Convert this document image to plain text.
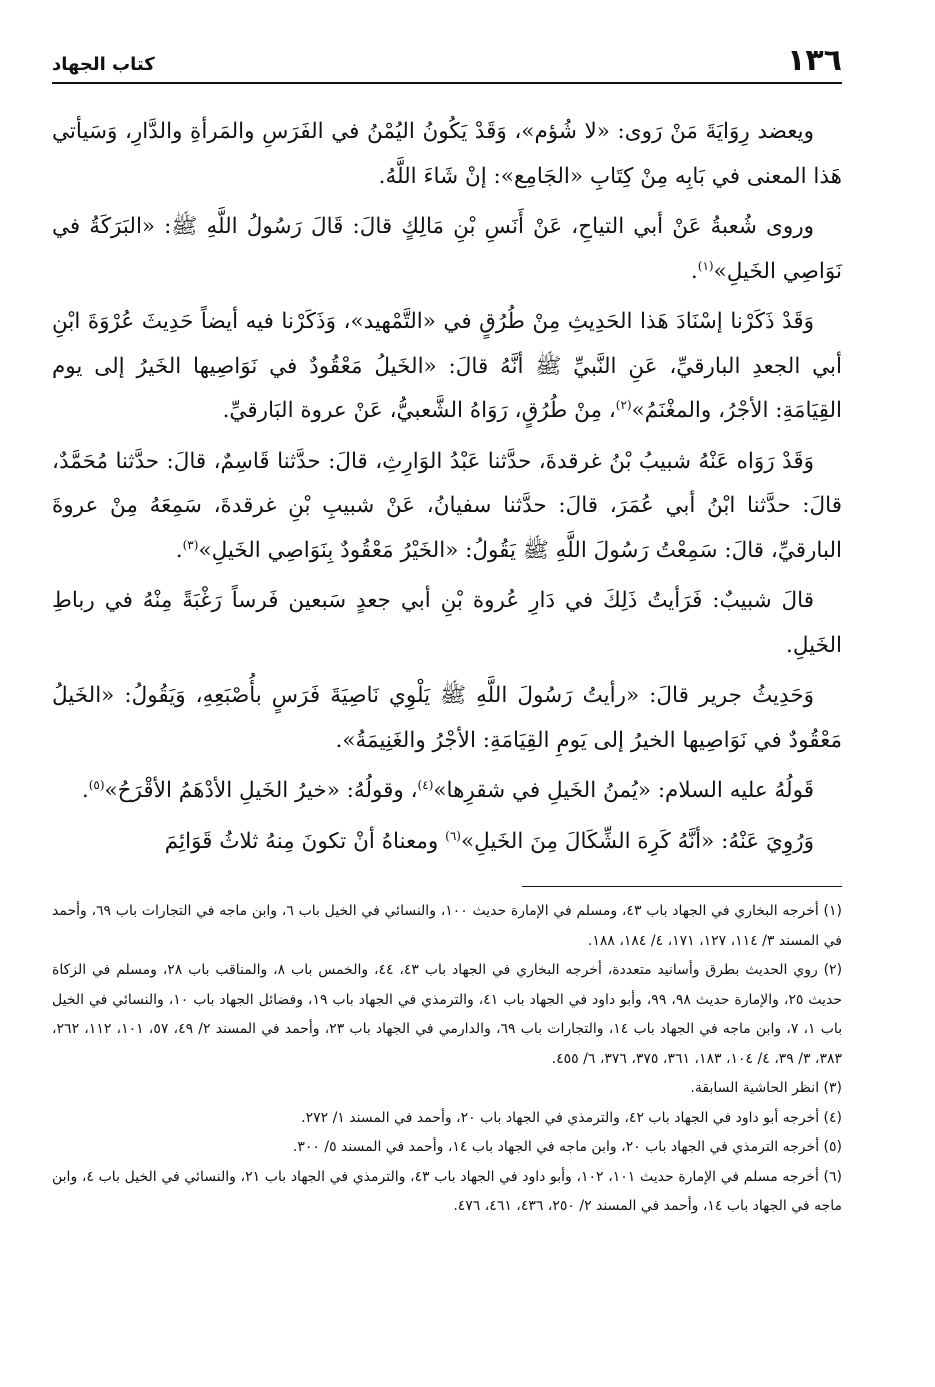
١٣٦
كتاب الجهاد

ويعضد رِوَايَةَ مَنْ رَوى: «لا شُؤم»، وَقَدْ يَكُونُ اليُمْنُ في الفَرَسِ والمَرأةِ والدَّارِ، وَسَيأتي هَذا المعنى في بَابِه مِنْ كِتَابِ «الجَامِع»: إنْ شَاءَ اللَّهُ.

وروى شُعبةُ عَنْ أبي التياحِ، عَنْ أَنَسِ بْنِ مَالِكٍ قالَ: قَالَ رَسُولُ اللَّهِ ﷺ: «البَرَكَةُ في نَوَاصِي الخَيلِ»$^{(١)}$.

وَقَدْ ذَكَرْنا إسْنَادَ هَذا الحَدِيثِ مِنْ طُرُقٍ في «التَّمْهيد»، وَذَكَرْنا فيه أيضاً حَدِيثَ عُرْوَةَ ابْنِ أبي الجعدِ البارقيِّ، عَنِ النَّبيِّ ﷺ أنَّهُ قالَ: «الخَيلُ مَعْقُودٌ في نَوَاصِيها الخَيرُ إلى يوم القِيَامَةِ: الأجْرُ، والمغْنَمُ»$^{(٢)}$، مِنْ طُرُقٍ، رَوَاهُ الشَّعبيُّ، عَنْ عروة البَارقيِّ.

وَقَدْ رَوَاه عَنْهُ شبيبُ بْنُ غرقدةَ، حدَّثنا عَبْدُ الوَارِثِ، قالَ: حدَّثنا قَاسِمٌ، قالَ: حدَّثنا مُحَمَّدٌ، قالَ: حدَّثنا ابْنُ أبي عُمَرَ، قالَ: حدَّثنا سفيانُ، عَنْ شبيبِ بْنِ غرقدةَ، سَمِعَهُ مِنْ عروةَ البارقيِّ، قالَ: سَمِعْتُ رَسُولَ اللَّهِ ﷺ يَقُولُ: «الخَيْرُ مَعْقُودٌ بِنَوَاصِي الخَيلِ»$^{(٣)}$.

قالَ شبيبٌ: فَرَأيتُ ذَلِكَ في دَارِ عُروة بْنِ أبي جعدٍ سَبعين فَرساً رَغْبَةً مِنْهُ في رباطِ الخَيلِ.

وَحَدِيثُ جرير قالَ: «رأيتُ رَسُولَ اللَّهِ ﷺ يَلْوِي نَاصِيَةَ فَرَسٍ بأُصْبَعِهِ، وَيَقُولُ: «الخَيلُ مَعْقُودٌ في نَوَاصِيها الخيرُ إلى يَومِ القِيَامَةِ: الأجْرُ والغَنِيمَةُ».

قَولُهُ عليه السلام: «يُمنُ الخَيلِ في شقرِها»$^{(٤)}$، وقولُهُ: «خيرُ الخَيلِ الأدْهَمُ الأقْرَحُ»$^{(٥)}$.

وَرُوِيَ عَنْهُ: «أنَّهُ كَرِهَ الشِّكَالَ مِنَ الخَيلِ»$^{(٦)}$ ومعناهُ أنْ تكونَ مِنهُ ثلاثُ قَوَائِمَ

(١) أخرجه البخاري في الجهاد باب ٤٣، ومسلم في الإمارة حديث ١٠٠، والنسائي في الخيل باب ٦، وابن ماجه في التجارات باب ٦٩، وأحمد في المسند ٣/ ١١٤، ١٢٧، ١٧١، ٤/ ١٨٤، ١٨٨.

(٢) روي الحديث بطرق وأسانيد متعددة، أخرجه البخاري في الجهاد باب ٤٣، ٤٤، والخمس باب ٨، والمناقب باب ٢٨، ومسلم في الزكاة حديث ٢٥، والإمارة حديث ٩٨، ٩٩، وأبو داود في الجهاد باب ٤١، والترمذي في الجهاد باب ١٩، وفضائل الجهاد باب ١٠، والنسائي في الخيل باب ١، ٧، وابن ماجه في الجهاد باب ١٤، والتجارات باب ٦٩، والدارمي في الجهاد باب ٢٣، وأحمد في المسند ٢/ ٤٩، ٥٧، ١٠١، ١١٢، ٢٦٢، ٣٨٣، ٣/ ٣٩، ٤/ ١٠٤، ١٨٣، ٣٦١، ٣٧٥، ٣٧٦، ٦/ ٤٥٥.

(٣) انظر الحاشية السابقة.

(٤) أخرجه أبو داود في الجهاد باب ٤٢، والترمذي في الجهاد باب ٢٠، وأحمد في المسند ١/ ٢٧٢.

(٥) أخرجه الترمذي في الجهاد باب ٢٠، وابن ماجه في الجهاد باب ١٤، وأحمد في المسند ٥/ ٣٠٠.

(٦) أخرجه مسلم في الإمارة حديث ١٠١، ١٠٢، وأبو داود في الجهاد باب ٤٣، والترمذي في الجهاد باب ٢١، والنسائي في الخيل باب ٤، وابن ماجه في الجهاد باب ١٤، وأحمد في المسند ٢/ ٢٥٠، ٤٣٦، ٤٦١، ٤٧٦.
